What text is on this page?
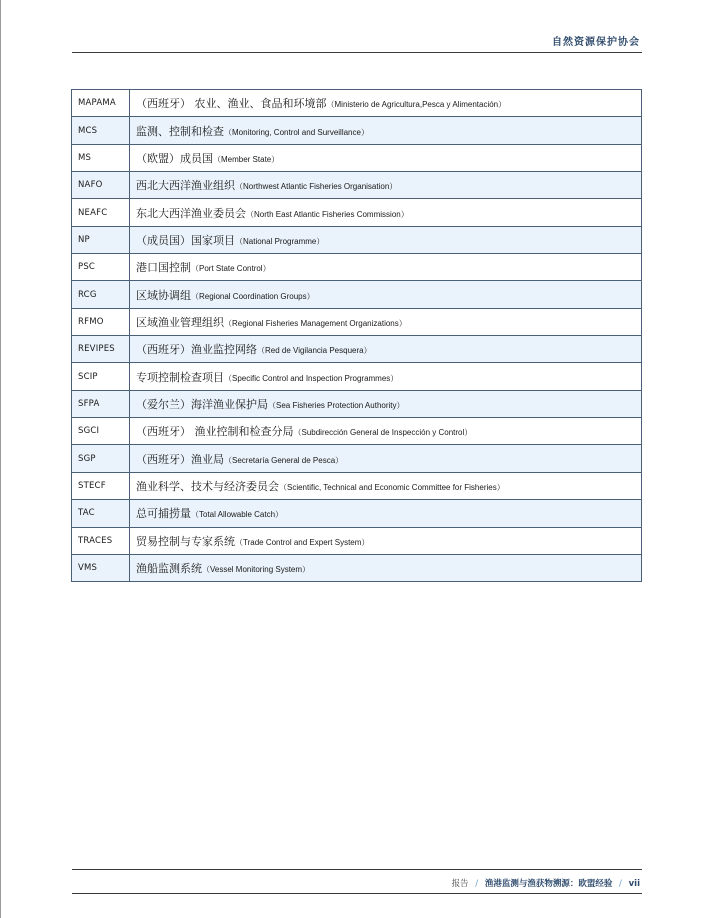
自然资源保护协会
MAPAMA	（西班牙） 农业、渔业、食品和环境部（Ministerio de Agricultura,Pesca y Alimentación）
MCS	监测、控制和检查（Monitoring, Control and Surveillance）
MS	（欧盟）成员国（Member State）
NAFO	西北大西洋渔业组织（Northwest Atlantic Fisheries Organisation）
NEAFC	东北大西洋渔业委员会（North East Atlantic Fisheries Commission）
NP	（成员国）国家项目（National Programme）
PSC	港口国控制（Port State Control）
RCG	区域协调组（Regional Coordination Groups）
RFMO	区域渔业管理组织（Regional Fisheries Management Organizations）
REVIPES	（西班牙）渔业监控网络（Red de Vigilancia Pesquera）
SCIP	专项控制检查项目（Specific Control and Inspection Programmes）
SFPA	（爱尔兰）海洋渔业保护局（Sea Fisheries Protection Authority）
SGCI	（西班牙） 渔业控制和检查分局（Subdirección General de Inspección y Control）
SGP	（西班牙）渔业局（Secretaría General de Pesca）
STECF	渔业科学、技术与经济委员会（Scientific, Technical and Economic Committee for Fisheries）
TAC	总可捕捞量（Total Allowable Catch）
TRACES	贸易控制与专家系统（Trade Control and Expert System）
VMS	渔船监测系统（Vessel Monitoring System）
报告 / 渔港监测与渔获物溯源：欧盟经验 / vii
